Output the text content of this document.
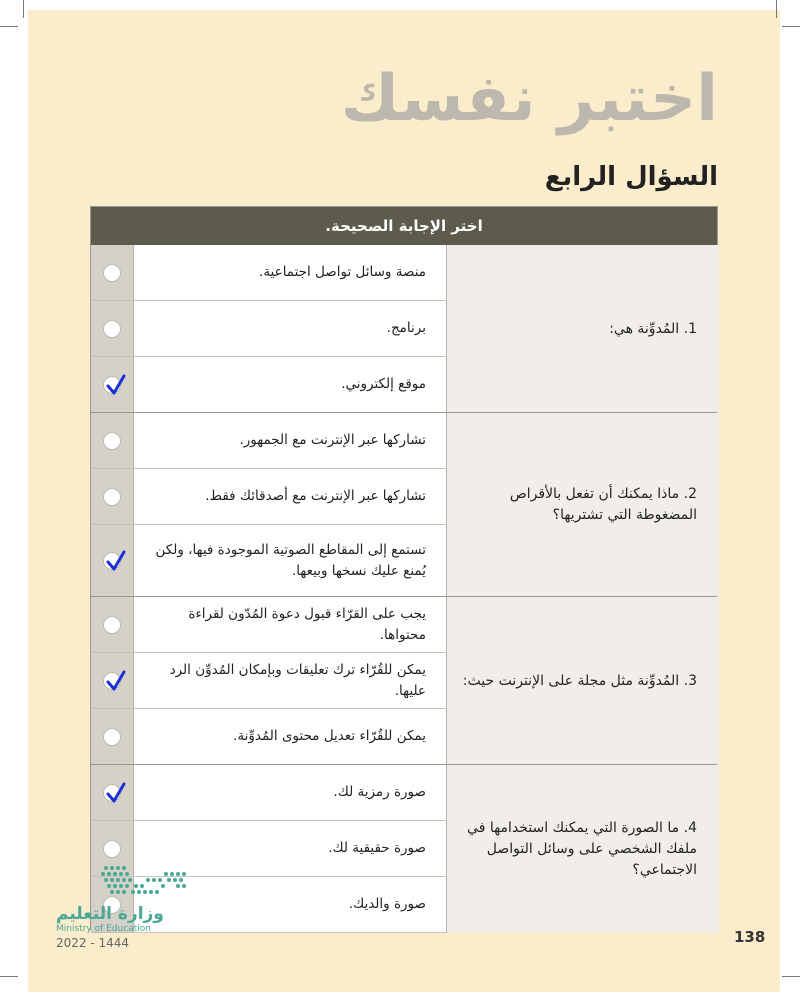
اختبر نفسك
السؤال الرابع
اختر الإجابة الصحيحة.
1. المُدوِّنة هي:
منصة وسائل تواصل اجتماعية.
برنامج.
موقع إلكتروني.
2. ماذا يمكنك أن تفعل بالأقراص المضغوطة التي تشتريها؟
تشاركها عبر الإنترنت مع الجمهور.
تشاركها عبر الإنترنت مع أصدقائك فقط.
تستمع إلى المقاطع الصوتية الموجودة فيها، ولكن يُمنع عليك نسخها وبيعها.
3. المُدوِّنة مثل مجلة على الإنترنت حيث:
يجب على القرّاء قبول دعوة المُدّون لقراءة محتواها.
يمكن للقُرّاء ترك تعليقات وبإمكان المُدوِّن الرد عليها.
يمكن للقُرّاء تعديل محتوى المُدوِّنة.
4. ما الصورة التي يمكنك استخدامها في ملفك الشخصي على وسائل التواصل الاجتماعي؟
صورة رمزية لك.
صورة حقيقية لك.
صورة والديك.
وزارة التعليم
Ministry of Education
2022 - 1444	138
